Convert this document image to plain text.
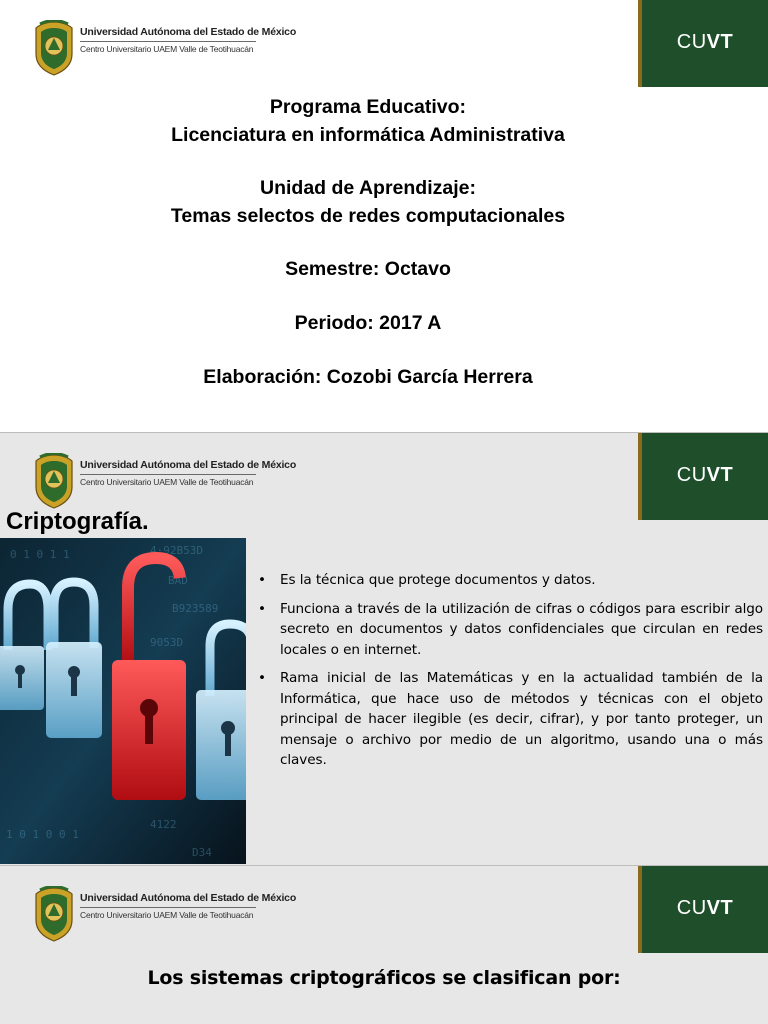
Universidad Autónoma del Estado de México
Centro Universitario UAEM Valle de Teotihuacán	CUVT
Programa Educativo:
Licenciatura en informática Administrativa
Unidad de Aprendizaje:
Temas selectos de redes computacionales
Semestre: Octavo
Periodo: 2017 A
Elaboración: Cozobi García Herrera
Universidad Autónoma del Estado de México
Centro Universitario UAEM Valle de Teotihuacán	CUVT
Criptografía.
4·92B53D
BAD
B923589
9053D
0 1 0 1 1
1 0 1 0 0 1
4122
D34
• Es la técnica que protege documentos y datos.
• Funciona a través de la utilización de cifras o códigos para escribir algo secreto en documentos y datos confidenciales que circulan en redes locales o en internet.
• Rama inicial de las Matemáticas y en la actualidad también de la Informática, que hace uso de métodos y técnicas con el objeto principal de hacer ilegible (es decir, cifrar), y por tanto proteger, un mensaje o archivo por medio de un algoritmo, usando una o más claves.
Universidad Autónoma del Estado de México
Centro Universitario UAEM Valle de Teotihuacán	CUVT
Los sistemas criptográficos se clasifican por:
